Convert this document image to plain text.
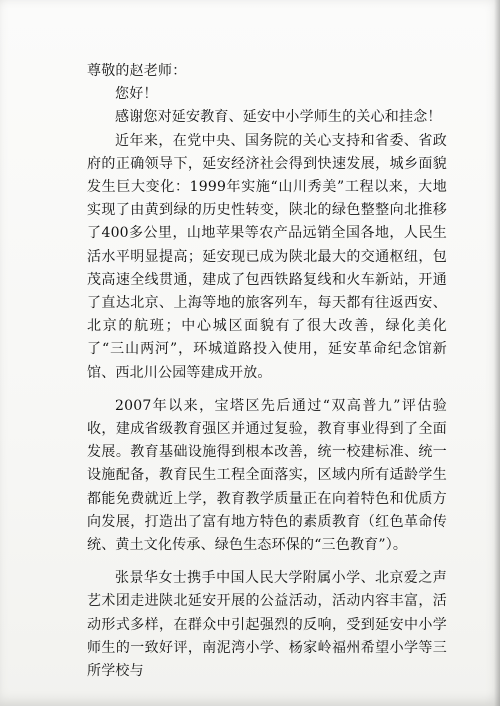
尊敬的赵老师：

您好！

感谢您对延安教育、延安中小学师生的关心和挂念！

近年来，在党中央、国务院的关心支持和省委、省政府的正确领导下，延安经济社会得到快速发展，城乡面貌发生巨大变化：1999年实施“山川秀美”工程以来，大地实现了由黄到绿的历史性转变，陕北的绿色整整向北推移了400多公里，山地苹果等农产品远销全国各地，人民生活水平明显提高；延安现已成为陕北最大的交通枢纽，包茂高速全线贯通，建成了包西铁路复线和火车新站，开通了直达北京、上海等地的旅客列车，每天都有往返西安、北京的航班；中心城区面貌有了很大改善，绿化美化了“三山两河”，环城道路投入使用，延安革命纪念馆新馆、西北川公园等建成开放。

2007年以来，宝塔区先后通过“双高普九”评估验收，建成省级教育强区并通过复验，教育事业得到了全面发展。教育基础设施得到根本改善，统一校建标准、统一设施配备，教育民生工程全面落实，区域内所有适龄学生都能免费就近上学，教育教学质量正在向着特色和优质方向发展，打造出了富有地方特色的素质教育（红色革命传统、黄土文化传承、绿色生态环保的“三色教育”）。

张景华女士携手中国人民大学附属小学、北京爱之声艺术团走进陕北延安开展的公益活动，活动内容丰富，活动形式多样，在群众中引起强烈的反响，受到延安中小学师生的一致好评，南泥湾小学、杨家岭福州希望小学等三所学校与
